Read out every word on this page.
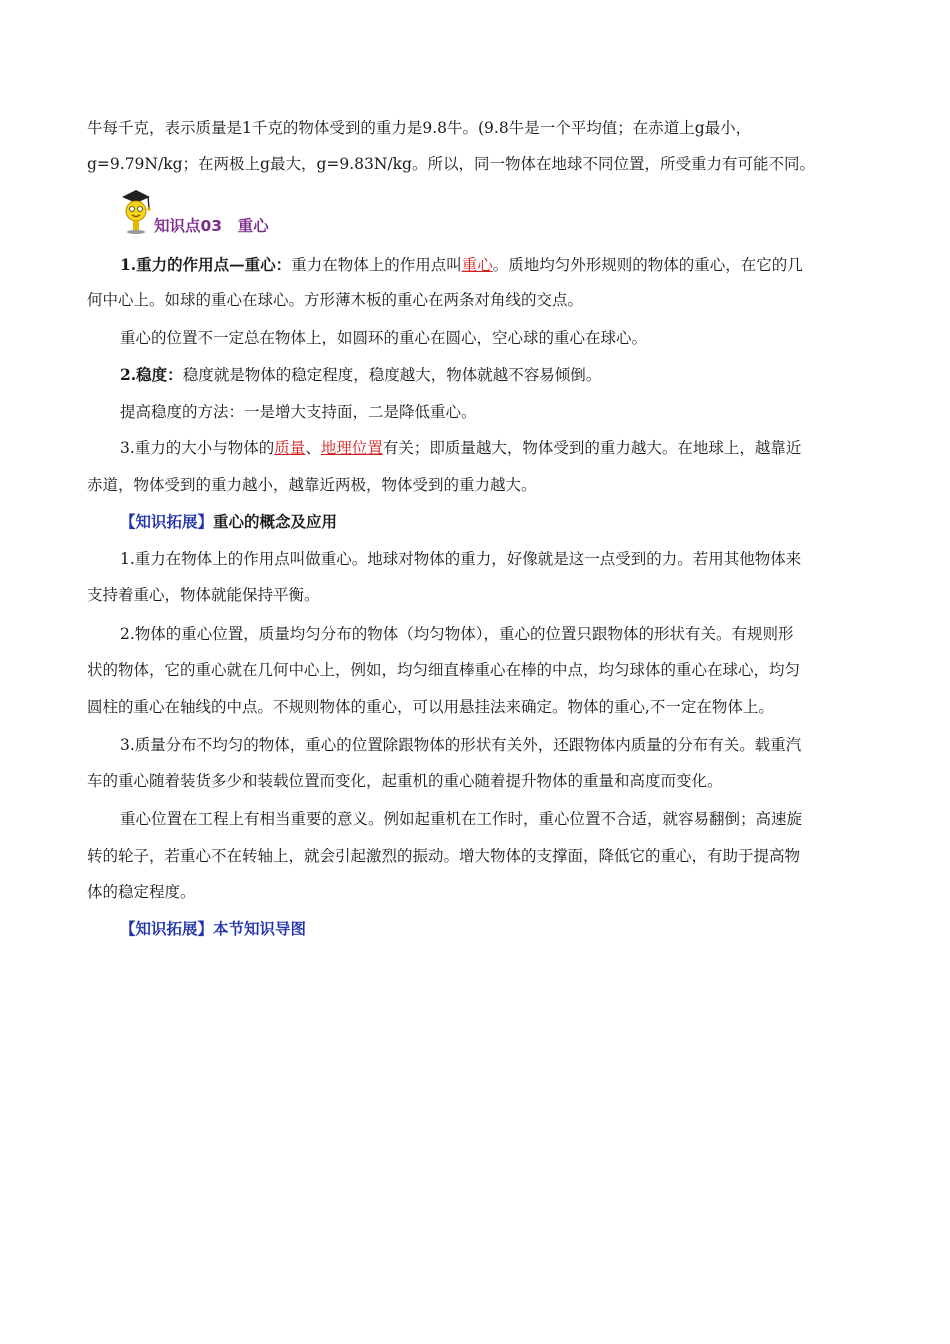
牛每千克，表示质量是1千克的物体受到的重力是9.8牛。(9.8牛是一个平均值；在赤道上g最小，
g=9.79N/kg；在两极上g最大，g=9.83N/kg。所以，同一物体在地球不同位置，所受重力有可能不同。
知识点03　重心
1.重力的作用点—重心：重力在物体上的作用点叫重心。质地均匀外形规则的物体的重心，在它的几
何中心上。如球的重心在球心。方形薄木板的重心在两条对角线的交点。
重心的位置不一定总在物体上，如圆环的重心在圆心，空心球的重心在球心。
2.稳度：稳度就是物体的稳定程度，稳度越大，物体就越不容易倾倒。
提高稳度的方法：一是增大支持面，二是降低重心。
3.重力的大小与物体的质量、地理位置有关；即质量越大，物体受到的重力越大。在地球上，越靠近
赤道，物体受到的重力越小，越靠近两极，物体受到的重力越大。
【知识拓展】重心的概念及应用
1.重力在物体上的作用点叫做重心。地球对物体的重力，好像就是这一点受到的力。若用其他物体来
支持着重心，物体就能保持平衡。
2.物体的重心位置，质量均匀分布的物体（均匀物体），重心的位置只跟物体的形状有关。有规则形
状的物体，它的重心就在几何中心上，例如，均匀细直棒重心在棒的中点，均匀球体的重心在球心，均匀
圆柱的重心在轴线的中点。不规则物体的重心，可以用悬挂法来确定。物体的重心,不一定在物体上。
3.质量分布不均匀的物体，重心的位置除跟物体的形状有关外，还跟物体内质量的分布有关。载重汽
车的重心随着装货多少和装载位置而变化，起重机的重心随着提升物体的重量和高度而变化。
重心位置在工程上有相当重要的意义。例如起重机在工作时，重心位置不合适，就容易翻倒；高速旋
转的轮子，若重心不在转轴上，就会引起激烈的振动。增大物体的支撑面，降低它的重心，有助于提高物
体的稳定程度。
【知识拓展】本节知识导图
